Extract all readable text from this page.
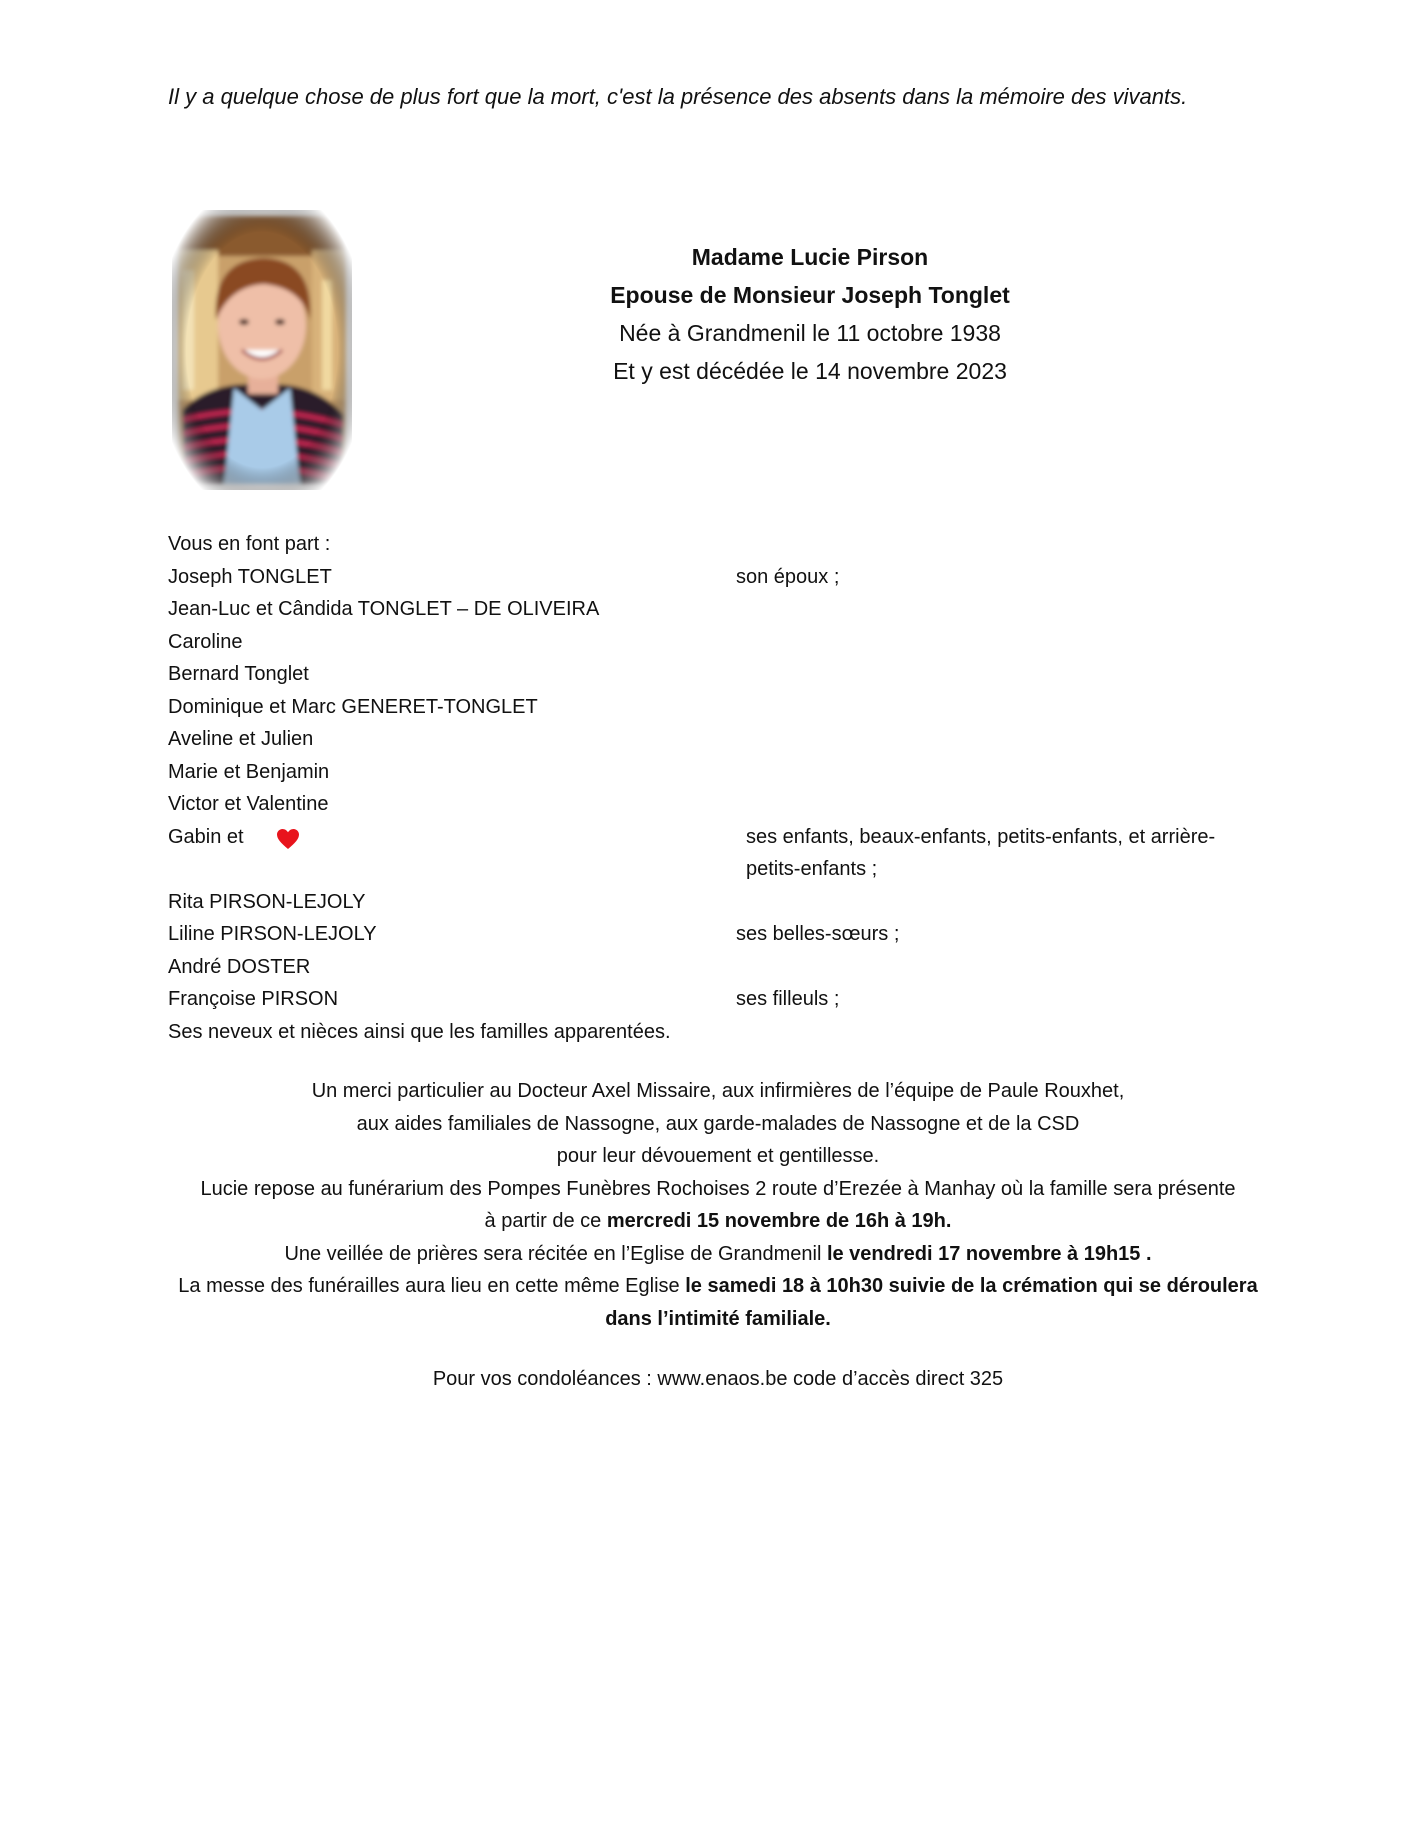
Il y a quelque chose de plus fort que la mort, c'est la présence des absents dans la mémoire des vivants.
Madame Lucie Pirson
Epouse de Monsieur Joseph Tonglet
Née à Grandmenil le 11 octobre 1938
Et y est décédée le 14 novembre 2023
Vous en font part :
Joseph TONGLET	son époux ;
Jean-Luc et Cândida TONGLET – DE OLIVEIRA
Caroline
Bernard Tonglet
Dominique et Marc GENERET-TONGLET
Aveline et Julien
Marie et Benjamin
Victor et Valentine
Gabin et	ses enfants, beaux-enfants, petits-enfants, et arrière-petits-enfants ;
Rita PIRSON-LEJOLY
Liline PIRSON-LEJOLY	ses belles-sœurs ;
André DOSTER
Françoise PIRSON	ses filleuls ;
Ses neveux et nièces ainsi que les familles apparentées.

Un merci particulier au Docteur Axel Missaire, aux infirmières de l’équipe de Paule Rouxhet,

aux aides familiales de Nassogne, aux garde-malades de Nassogne et de la CSD

pour leur dévouement et gentillesse.

Lucie repose au funérarium des Pompes Funèbres Rochoises 2 route d’Erezée à Manhay où la famille sera présente

à partir de ce mercredi 15 novembre de 16h à 19h.

Une veillée de prières sera récitée en l’Eglise de Grandmenil le vendredi 17 novembre à 19h15 .

La messe des funérailles aura lieu en cette même Eglise le samedi 18 à 10h30 suivie de la crémation qui se déroulera dans l’intimité familiale.

Pour vos condoléances : www.enaos.be code d’accès direct 325
